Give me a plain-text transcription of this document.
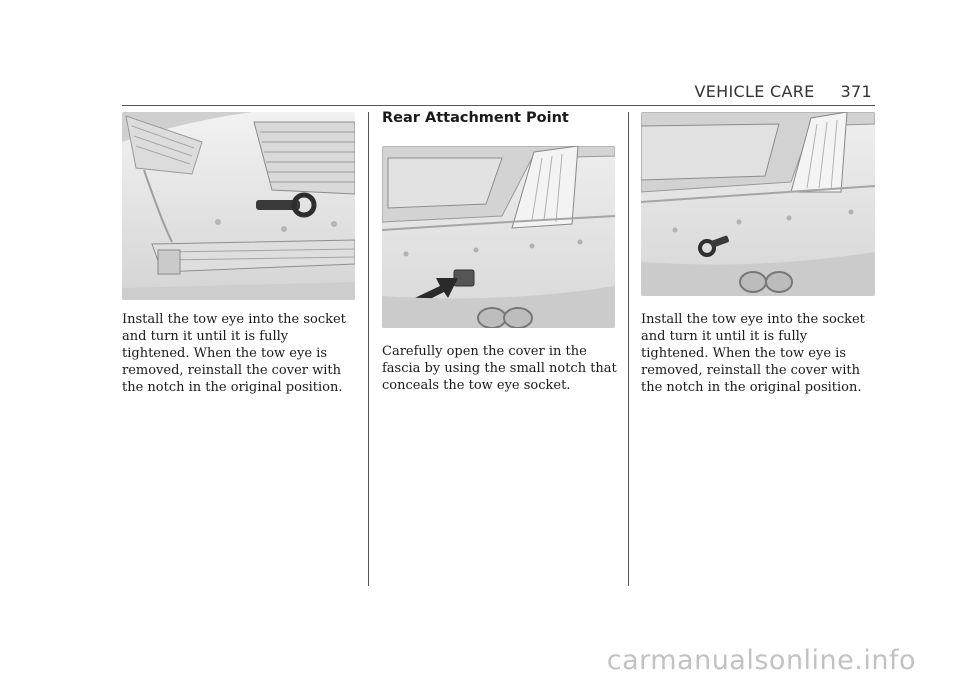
VEHICLE CARE 371

Install the tow eye into the socket and turn it until it is fully tightened. When the tow eye is removed, reinstall the cover with the notch in the original position.

Rear Attachment Point

Carefully open the cover in the fascia by using the small notch that conceals the tow eye socket.

Install the tow eye into the socket and turn it until it is fully tightened. When the tow eye is removed, reinstall the cover with the notch in the original position.

carmanualsonline.info
